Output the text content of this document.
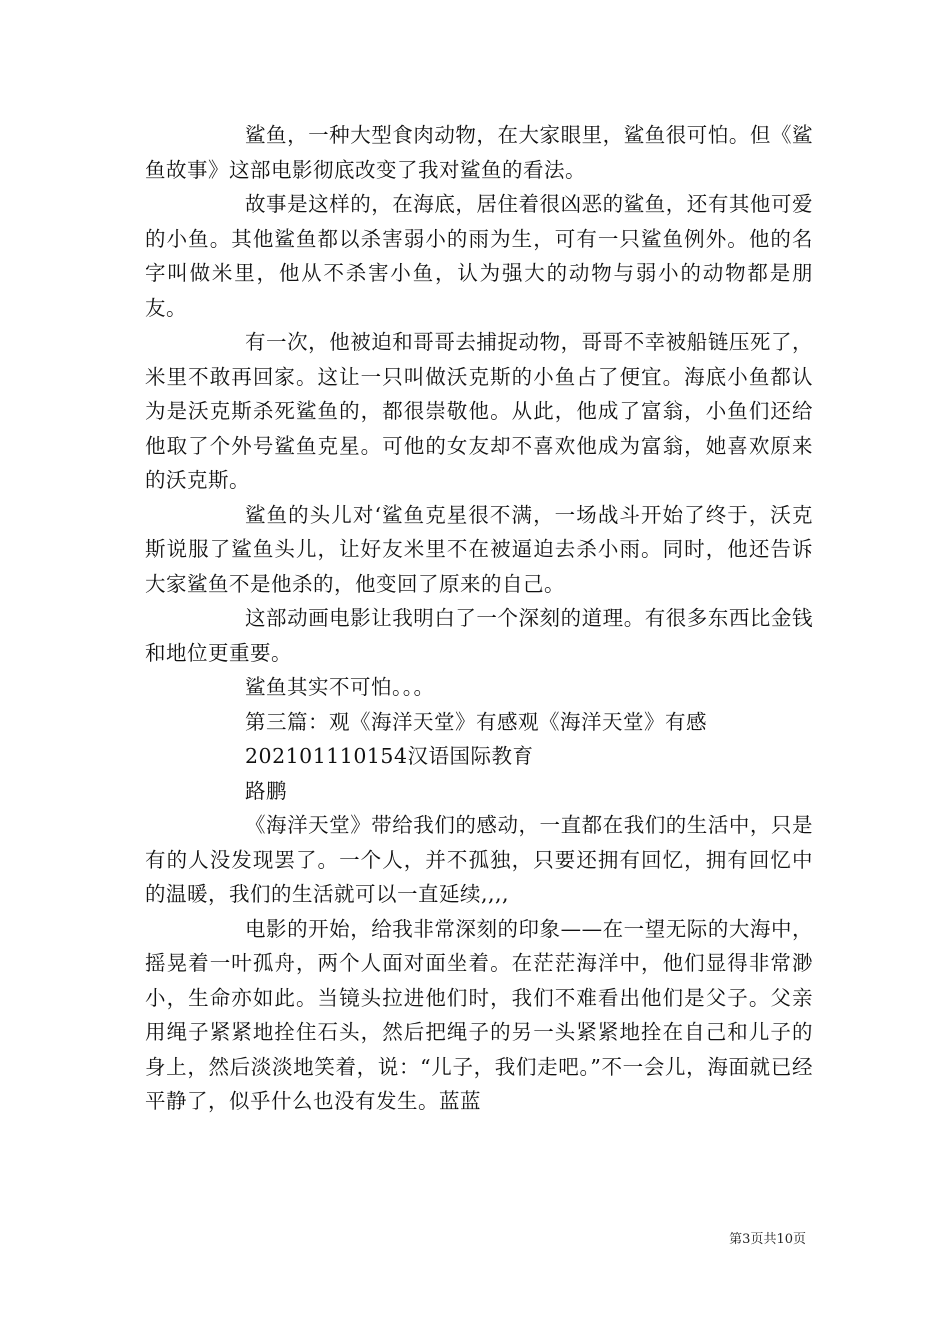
鲨鱼，一种大型食肉动物，在大家眼里，鲨鱼很可怕。但《鲨鱼故事》这部电影彻底改变了我对鲨鱼的看法。

故事是这样的，在海底，居住着很凶恶的鲨鱼，还有其他可爱的小鱼。其他鲨鱼都以杀害弱小的雨为生，可有一只鲨鱼例外。他的名字叫做米里，他从不杀害小鱼，认为强大的动物与弱小的动物都是朋友。

有一次，他被迫和哥哥去捕捉动物，哥哥不幸被船链压死了，米里不敢再回家。这让一只叫做沃克斯的小鱼占了便宜。海底小鱼都认为是沃克斯杀死鲨鱼的，都很崇敬他。从此，他成了富翁，小鱼们还给他取了个外号鲨鱼克星。可他的女友却不喜欢他成为富翁，她喜欢原来的沃克斯。

鲨鱼的头儿对‘鲨鱼克星很不满，一场战斗开始了终于，沃克斯说服了鲨鱼头儿，让好友米里不在被逼迫去杀小雨。同时，他还告诉大家鲨鱼不是他杀的，他变回了原来的自己。

这部动画电影让我明白了一个深刻的道理。有很多东西比金钱和地位更重要。

鲨鱼其实不可怕。。。

第三篇：观《海洋天堂》有感观《海洋天堂》有感

202101110154汉语国际教育

路鹏

《海洋天堂》带给我们的感动，一直都在我们的生活中，只是有的人没发现罢了。一个人，并不孤独，只要还拥有回忆，拥有回忆中的温暖，我们的生活就可以一直延续,,,,

电影的开始，给我非常深刻的印象——在一望无际的大海中，摇晃着一叶孤舟，两个人面对面坐着。在茫茫海洋中，他们显得非常渺小，生命亦如此。当镜头拉进他们时，我们不难看出他们是父子。父亲用绳子紧紧地拴住石头，然后把绳子的另一头紧紧地拴在自己和儿子的身上，然后淡淡地笑着，说：“儿子，我们走吧。”不一会儿，海面就已经平静了，似乎什么也没有发生。蓝蓝

第3页共10页
